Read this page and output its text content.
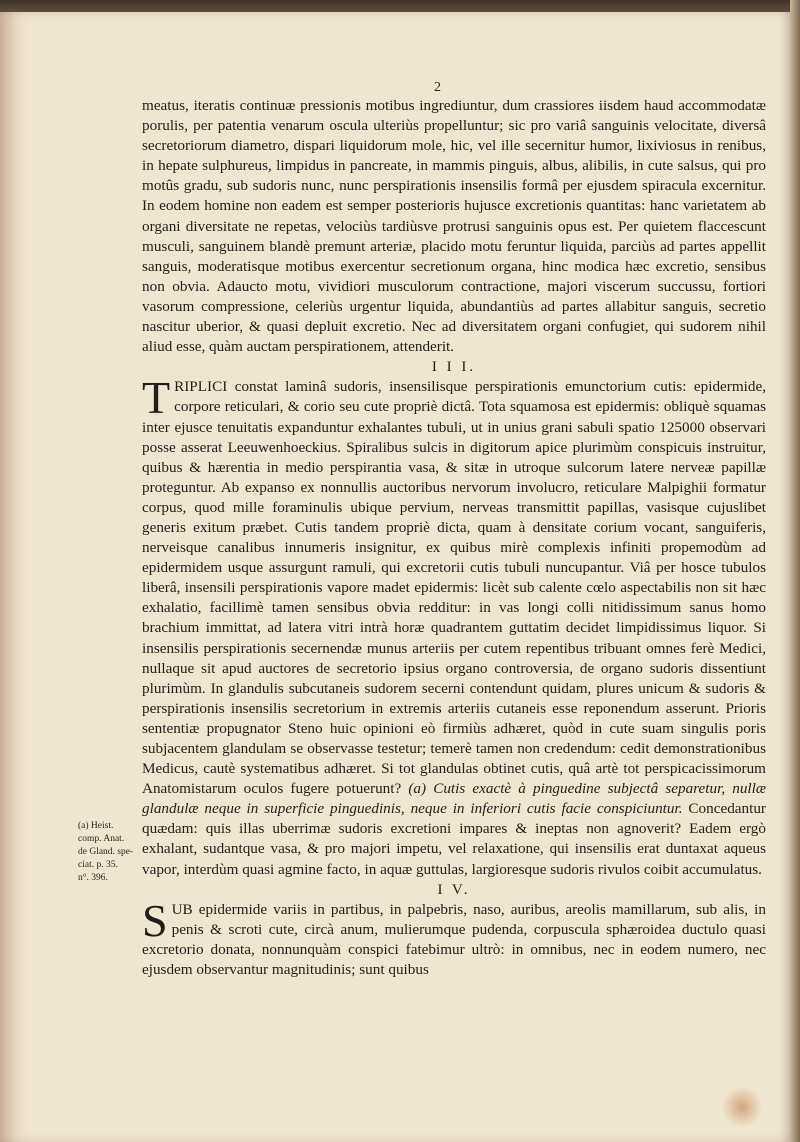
2

meatus, iteratis continuæ pressionis motibus ingrediuntur, dum crassiores iisdem haud accommodatæ porulis, per patentia venarum oscula ulteriùs propelluntur; sic pro variâ sanguinis velocitate, diversâ secretoriorum diametro, dispari liquidorum mole, hic, vel ille secernitur humor, lixiviosus in renibus, in hepate sulphureus, limpidus in pancreate, in mammis pinguis, albus, alibilis, in cute salsus, qui pro motûs gradu, sub sudoris nunc, nunc perspirationis insensilis formâ per ejusdem spiracula excernitur. In eodem homine non eadem est semper posterioris hujusce excretionis quantitas: hanc varietatem ab organi diversitate ne repetas, velociùs tardiùsve protrusi sanguinis opus est. Per quietem flaccescunt musculi, sanguinem blandè premunt arteriæ, placido motu feruntur liquida, parciùs ad partes appellit sanguis, moderatisque motibus exercentur secretionum organa, hinc modica hæc excretio, sensibus non obvia. Adaucto motu, vividiori musculorum contractione, majori viscerum succussu, fortiori vasorum compressione, celeriùs urgentur liquida, abundantiùs ad partes allabitur sanguis, secretio nascitur uberior, & quasi depluit excretio. Nec ad diversitatem organi confugiet, qui sudorem nihil aliud esse, quàm auctam perspirationem, attenderit.

I I I.

TRIPLICI constat laminâ sudoris, insensilisque perspirationis emunctorium cutis: epidermide, corpore reticulari, & corio seu cute propriè dictâ. Tota squamosa est epidermis: obliquè squamas inter ejusce tenuitatis expanduntur exhalantes tubuli, ut in unius grani sabuli spatio 125000 observari posse asserat Leeuwenhoeckius. Spiralibus sulcis in digitorum apice plurimùm conspicuis instruitur, quibus & hærentia in medio perspirantia vasa, & sitæ in utroque sulcorum latere nerveæ papillæ proteguntur. Ab expanso ex nonnullis auctoribus nervorum involucro, reticulare Malpighii formatur corpus, quod mille foraminulis ubique pervium, nerveas transmittit papillas, vasisque cujuslibet generis exitum præbet. Cutis tandem propriè dicta, quam à densitate corium vocant, sanguiferis, nerveisque canalibus innumeris insignitur, ex quibus mirè complexis infiniti propemodùm ad epidermidem usque assurgunt ramuli, qui excretorii cutis tubuli nuncupantur. Viâ per hosce tubulos liberâ, insensili perspirationis vapore madet epidermis: licèt sub calente cœlo aspectabilis non sit hæc exhalatio, facillimè tamen sensibus obvia redditur: in vas longi colli nitidissimum sanus homo brachium immittat, ad latera vitri intrà horæ quadrantem guttatim decidet limpidissimus liquor. Si insensilis perspirationis secernendæ munus arteriis per cutem repentibus tribuant omnes ferè Medici, nullaque sit apud auctores de secretorio ipsius organo controversia, de organo sudoris dissentiunt plurimùm. In glandulis subcutaneis sudorem secerni contendunt quidam, plures unicum & sudoris & perspirationis insensilis secretorium in extremis arteriis cutaneis esse reponendum asserunt. Prioris sententiæ propugnator Steno huic opinioni eò firmiùs adhæret, quòd in cute suam singulis poris subjacentem glandulam se observasse testetur; temerè tamen non credendum: cedit demonstrationibus Medicus, cautè systematibus adhæret. Si tot glandulas obtinet cutis, quâ artè tot perspicacissimorum Anatomistarum oculos fugere potuerunt? (a) Cutis exactè à pinguedine subjectâ separetur, nullæ glandulæ neque in superficie pinguedinis, neque in inferiori cutis facie conspiciuntur. Concedantur quædam: quis illas uberrimæ sudoris excretioni impares & ineptas non agnoverit? Eadem ergò exhalant, sudantque vasa, & pro majori impetu, vel relaxatione, qui insensilis erat duntaxat aqueus vapor, interdùm quasi agmine facto, in aquæ guttulas, largioresque sudoris rivulos coibit accumulatus.

I V.

SUB epidermide variis in partibus, in palpebris, naso, auribus, areolis mamillarum, sub alis, in penis & scroti cute, circà anum, mulierumque pudenda, corpuscula sphæroidea ductulo quasi excretorio donata, nonnunquàm conspici fatebimur ultrò: in omnibus, nec in eodem numero, nec ejusdem observantur magnitudinis; sunt quibus

(a) Heist.
comp. Anat.
de Gland. spe-
ciat. p. 35.
n°. 396.
